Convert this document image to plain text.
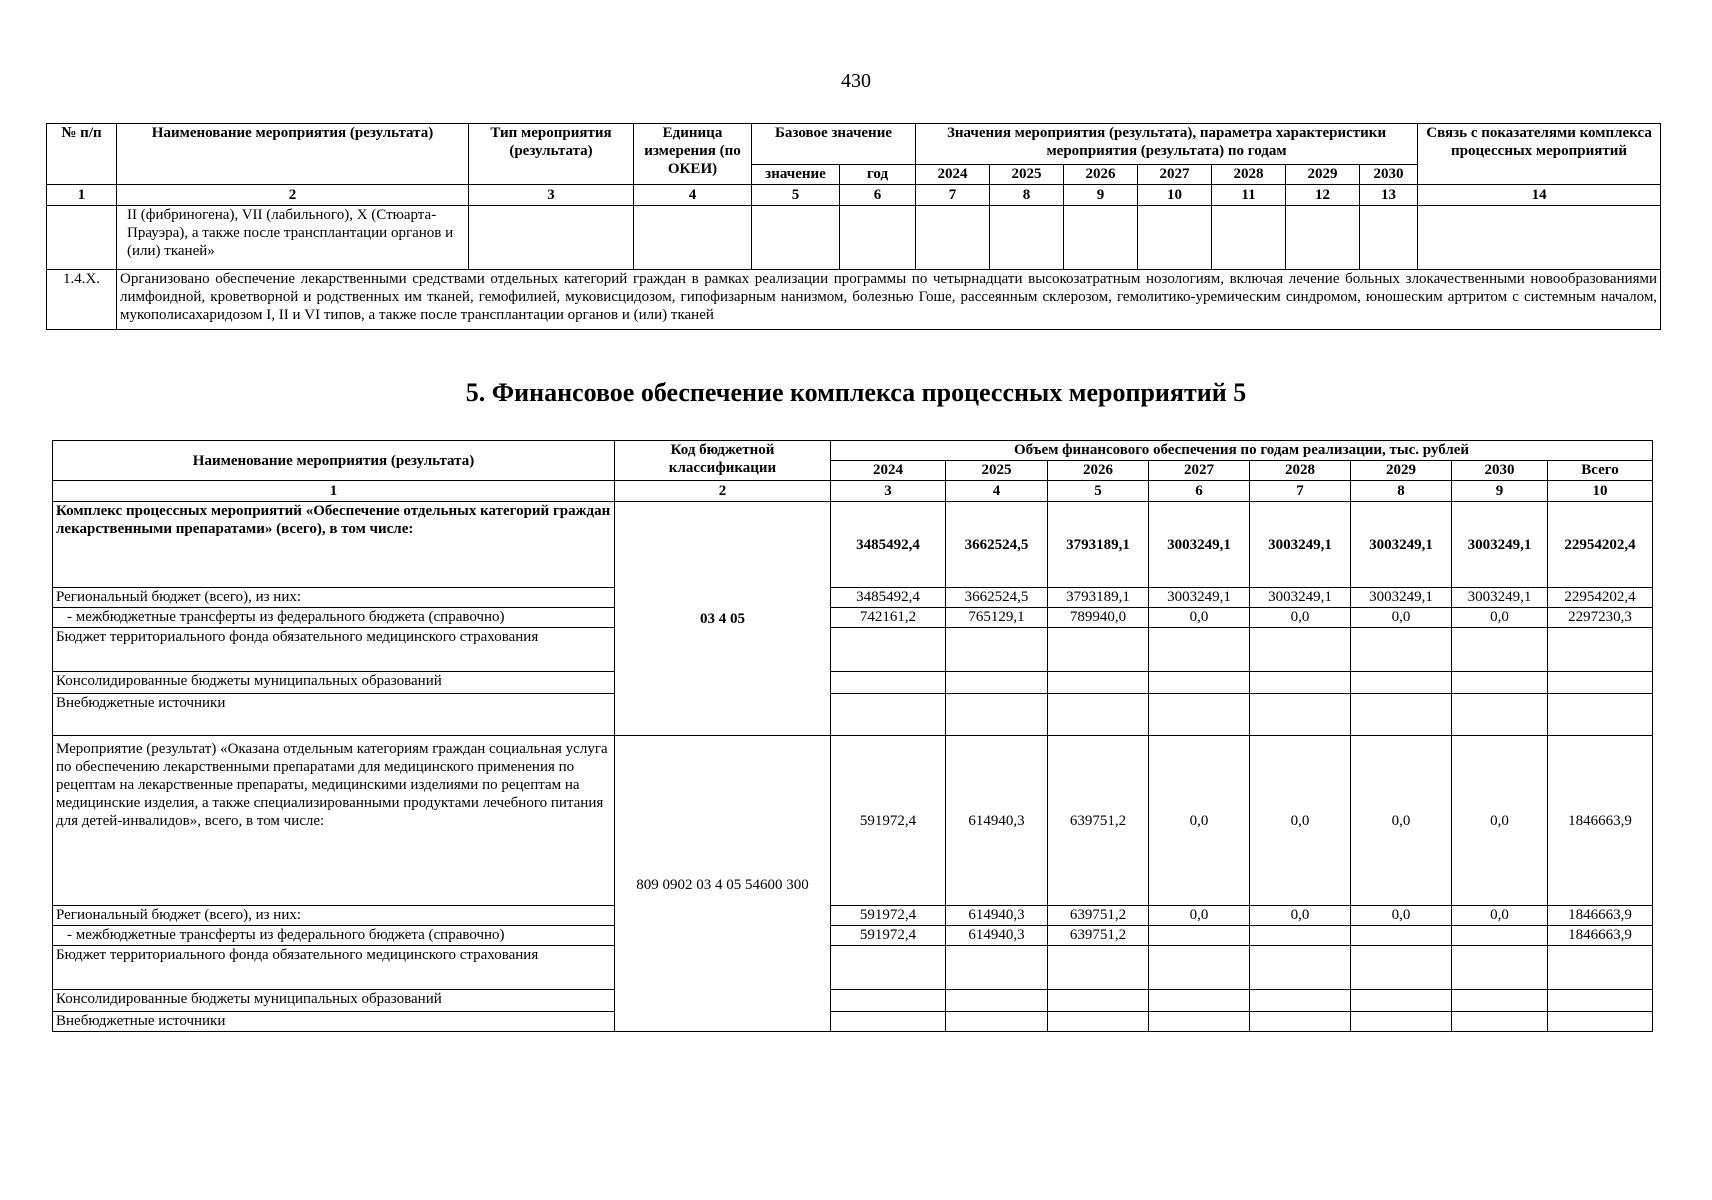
430
№ п/п	Наименование мероприятия (результата)	Тип мероприятия (результата)	Единица измерения (по ОКЕИ)	Базовое значение		Значения мероприятия (результата), параметра характеристики мероприятия (результата) по годам							Связь с показателями комплекса процессных мероприятий
				значение	год	2024	2025	2026	2027	2028	2029	2030	
1	2	3	4	5	6	7	8	9	10	11	12	13	14
	II (фибриногена), VII (лабильного), X (Стюарта-Прауэра), а также после трансплантации органов и (или) тканей»												
1.4.X.	Организовано обеспечение лекарственными средствами отдельных категорий граждан в рамках реализации программы по четырнадцати высокозатратным нозологиям, включая лечение больных злокачественными новообразованиями лимфоидной, кроветворной и родственных им тканей, гемофилией, муковисцидозом, гипофизарным нанизмом, болезнью Гоше, рассеянным склерозом, гемолитико-уремическим синдромом, юношеским артритом с системным началом, мукополисахаридозом I, II и VI типов, а также после трансплантации органов и (или) тканей												
5. Финансовое обеспечение комплекса процессных мероприятий 5
Наименование мероприятия (результата)	Код бюджетной классификации	Объем финансового обеспечения по годам реализации, тыс. рублей							
		2024	2025	2026	2027	2028	2029	2030	Всего
1	2	3	4	5	6	7	8	9	10
Комплекс процессных мероприятий «Обеспечение отдельных категорий граждан лекарственными препаратами» (всего), в том числе:	03 4 05	3485492,4	3662524,5	3793189,1	3003249,1	3003249,1	3003249,1	3003249,1	22954202,4
Региональный бюджет (всего), из них:		3485492,4	3662524,5	3793189,1	3003249,1	3003249,1	3003249,1	3003249,1	22954202,4
- межбюджетные трансферты из федерального бюджета (справочно)		742161,2	765129,1	789940,0	0,0	0,0	0,0	0,0	2297230,3
Бюджет территориального фонда обязательного медицинского страхования									
Консолидированные бюджеты муниципальных образований									
Внебюджетные источники									
Мероприятие (результат) «Оказана отдельным категориям граждан социальная услуга по обеспечению лекарственными препаратами для медицинского применения по рецептам на лекарственные препараты, медицинскими изделиями по рецептам на медицинские изделия, а также специализированными продуктами лечебного питания для детей-инвалидов», всего, в том числе:	809 0902 03 4 05 54600 300	591972,4	614940,3	639751,2	0,0	0,0	0,0	0,0	1846663,9
Региональный бюджет (всего), из них:		591972,4	614940,3	639751,2	0,0	0,0	0,0	0,0	1846663,9
- межбюджетные трансферты из федерального бюджета (справочно)		591972,4	614940,3	639751,2					1846663,9
Бюджет территориального фонда обязательного медицинского страхования									
Консолидированные бюджеты муниципальных образований									
Внебюджетные источники									
